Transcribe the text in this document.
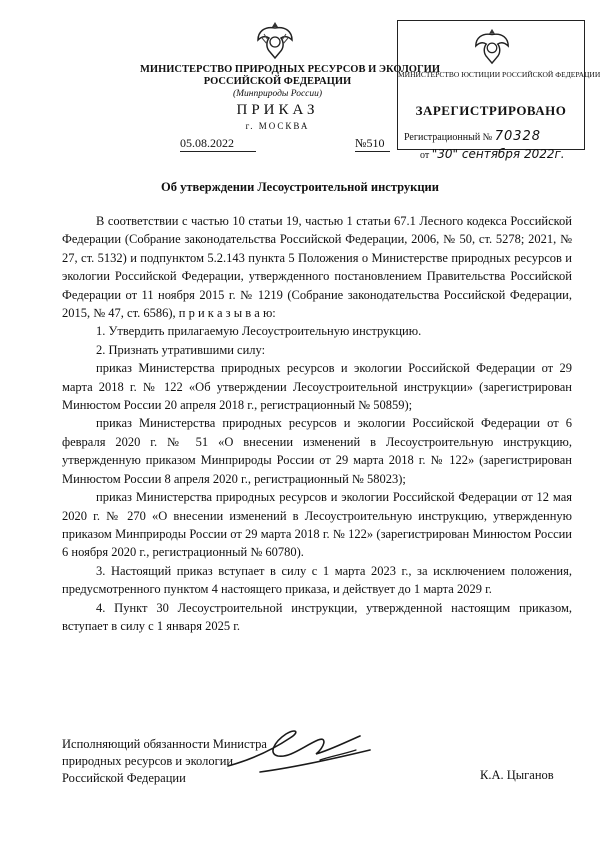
МИНИСТЕРСТВО ПРИРОДНЫХ РЕСУРСОВ И ЭКОЛОГИИ
РОССИЙСКОЙ ФЕДЕРАЦИИ
(Минприроды России)
ПРИКАЗ
г. МОСКВА
05.08.2022	№510
МИНИСТЕРСТВО ЮСТИЦИИ РОССИЙСКОЙ ФЕДЕРАЦИИ
ЗАРЕГИСТРИРОВАНО
Регистрационный № 70328
от "30" сентября 2022г.
Об утверждении Лесоустроительной инструкции

В соответствии с частью 10 статьи 19, частью 1 статьи 67.1 Лесного кодекса Российской Федерации (Собрание законодательства Российской Федерации, 2006, № 50, ст. 5278; 2021, № 27, ст. 5132) и подпунктом 5.2.143 пункта 5 Положения о Министерстве природных ресурсов и экологии Российской Федерации, утвержденного постановлением Правительства Российской Федерации от 11 ноября 2015 г. № 1219 (Собрание законодательства Российской Федерации, 2015, № 47, ст. 6586), п р и к а з ы в а ю:

1. Утвердить прилагаемую Лесоустроительную инструкцию.

2. Признать утратившими силу:

приказ Министерства природных ресурсов и экологии Российской Федерации от 29 марта 2018 г. № 122 «Об утверждении Лесоустроительной инструкции» (зарегистрирован Минюстом России 20 апреля 2018 г., регистрационный № 50859);

приказ Министерства природных ресурсов и экологии Российской Федерации от 6 февраля 2020 г. № 51 «О внесении изменений в Лесоустроительную инструкцию, утвержденную приказом Минприроды России от 29 марта 2018 г. № 122» (зарегистрирован Минюстом России 8 апреля 2020 г., регистрационный № 58023);

приказ Министерства природных ресурсов и экологии Российской Федерации от 12 мая 2020 г. № 270 «О внесении изменений в Лесоустроительную инструкцию, утвержденную приказом Минприроды России от 29 марта 2018 г. № 122» (зарегистрирован Минюстом России 6 ноября 2020 г., регистрационный № 60780).

3. Настоящий приказ вступает в силу с 1 марта 2023 г., за исключением положения, предусмотренного пунктом 4 настоящего приказа, и действует до 1 марта 2029 г.

4. Пункт 30 Лесоустроительной инструкции, утвержденной настоящим приказом, вступает в силу с 1 января 2025 г.

Исполняющий обязанности Министра
природных ресурсов и экологии
Российской Федерации	К.А. Цыганов
